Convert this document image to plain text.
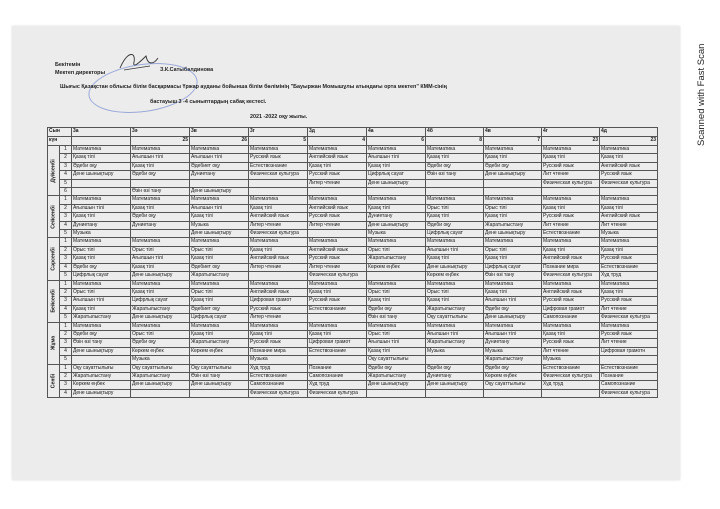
Scanned with Fast Scan
Бекітемін
Мектеп директоры	З.К.Сатыбалдинова
Шығыс Қазақстан облысы білім басқармасы Үржар ауданы бойынша білім бөлімінің "Бауыржан Момышұлы атындағы орта мектеп" КММ-сінің
бастауыш 3 -4 сыныптардың сабақ кестесі.
2021 -2022 оқу жылы.
Сын		3а	3ә	3в	3г	3д	4а	4б	4в	4г	4д
күн			25	26	5	4	6	8	7	23	23

Дүйсенбі	1	Математика	Математика	Математика	Математика	Математика	Математика	Математика	Математика	Математика	Математика
	2	Қазақ тілі	Ағылшын тілі	Ағылшын тілі	Русский язык	Английский язык	Ағылшын тілі	Қазақ тілі	Қазақ тілі	Қазақ тілі	Қазақ тілі
	3	Әдеби оқу	Қазақ тілі	Әдебиет оқу	Естествознание	Қазақ тілі	Қазақ тілі	Әдеби оқу	Әдеби оқу	Русский язык	Английский язык
	4	Дене шынықтыру	Әдеби оқу	Дүниетану	Физическая культура	Русский язык	Цифрлық сауат	Өзін өзі тану	Дене шынықтыру	Лит чтение	Русский язык
	5					Литер чтение	Дене шынықтыру			Физическая культура	Физическая культура
	6		Өзін өзі тану	Дене шынықтыру							

Сейсенбі	1	Математика	Математика	Математика	Математика	Математика	Математика	Математика	Математика	Математика	Математика
	2	Ағылшын тілі	Қазақ тілі	Ағылшын тілі	Қазақ тілі	Английский язык	Қазақ тілі	Орыс тілі	Орыс тілі	Қазақ тілі	Қазақ тілі
	3	Қазақ тілі	Әдеби оқу	Қазақ тілі	Английский язык	Русский язык	Дүниетану	Қазақ тілі	Қазақ тілі	Русский язык	Английский язык
	4	Дүниетану	Дүниетану	Музыка	Литер чтение	Литер чтение	Дене шынықтыру	Әдеби оқу	Жаратылыстану	Лит чтение	Лит чтение
	5	Музыка		Дене шынықтыру	Физическая культура		Музыка	Цифрлық сауат	Дене шынықтыру	Естествознание	Музыка

Сәрсенбі	1	Математика	Математика	Математика	Математика	Математика	Математика	Математика	Математика	Математика	Математика
	2	Орыс тілі	Орыс тілі	Орыс тілі	Қазақ тілі	Английский язык	Орыс тілі	Ағылшын тілі	Орыс тілі	Қазақ тілі	Қазақ тілі
	3	Қазақ тілі	Ағылшын тілі	Қазақ тілі	Английский язык	Русский язык	Жаратылыстану	Қазақ тілі	Қазақ тілі	Английский язык	Русский язык
	4	Әдеби оқу	Қазақ тілі	Әдебиет оқу	Литер чтение	Литер чтение	Көркем еңбек	Дене шынықтыру	Цифрлық сауат	Познание мира	Естествознание
	5	Цифрлық сауат	Дене шынықтыру	Жаратылыстану		Физическая культура		Көркем еңбек	Өзін өзі тану	Физическая культура	Худ труд

Бейсенбі	1	Математика	Математика	Математика	Математика	Математика	Математика	Математика	Математика	Математика	Математика
	2	Орыс тілі	Қазақ тілі	Орыс тілі	Английский язык	Қазақ тілі	Орыс тілі	Орыс тілі	Қазақ тілі	Английский язык	Қазақ тілі
	3	Ағылшын тілі	Цифрлық сауат	Қазақ тілі	Цифровая грамот	Русский язык	Қазақ тілі	Қазақ тілі	Ағылшын тілі	Русский язык	Русский язык
	4	Қазақ тілі	Жаратылыстану	Әдебиет оқу	Русский язык	Естествознание	Әдеби оқу	Жаратылыстану	Әдеби оқу	Цифровая грамот	Лит чтение
	5	Жаратылыстану	Дене шынықтыру	Цифрлық сауат	Литер чтение		Өзін өзі тану	Оқу сауаттылығы	Дене шынықтыру	Самопознание	Физическая культура

Жұма	1	Математика	Математика	Математика	Математика	Математика	Математика	Математика	Математика	Математика	Математика
	2	Әдеби оқу	Орыс тілі	Қазақ тілі	Қазақ тілі	Қазақ тілі	Орыс тілі	Ағылшын тілі	Ағылшын тілі	Қазақ тілі	Русский язык
	3	Өзін өзі тану	Әдеби оқу	Жаратылыстану	Русский язык	Цифровая грамот	Ағылшын тілі	Жаратылыстану	Дүниетану	Русский язык	Лит чтение
	4	Дене шынықтыру	Көркем еңбек	Көркем еңбек	Познание мира	Естествознание	Қазақ тілі	Музыка	Музыка	Лит чтение	Цифровая грамотн
	5		Музыка		Музыка		Оқу сауаттылығы		Жаратылыстану	Музыка	

Сенбі	1	Оқу сауаттылығы	Оқу сауаттылығы	Оқу сауаттылығы	Худ труд	Познание	Әдеби оқу	Әдеби оқу	Әдеби оқу	Естествознание	Естествознание
	2	Жаратылыстану	Жаратылыстану	Өзін өзі тану	Естествознание	Самопознание	Жаратылыстану	Дүниетану	Көркем еңбек	Физическая культура	Познание
	3	Көркем еңбек	Дене шынықтыру	Дене шынықтыру	Самопознание	Худ труд	Дене шынықтыру	Дене шынықтыру	Оқу сауаттылығы	Худ труд	Самопознание
	4	Дене шынықтыру			Физическая культура	Физическая культура					Физическая культура
